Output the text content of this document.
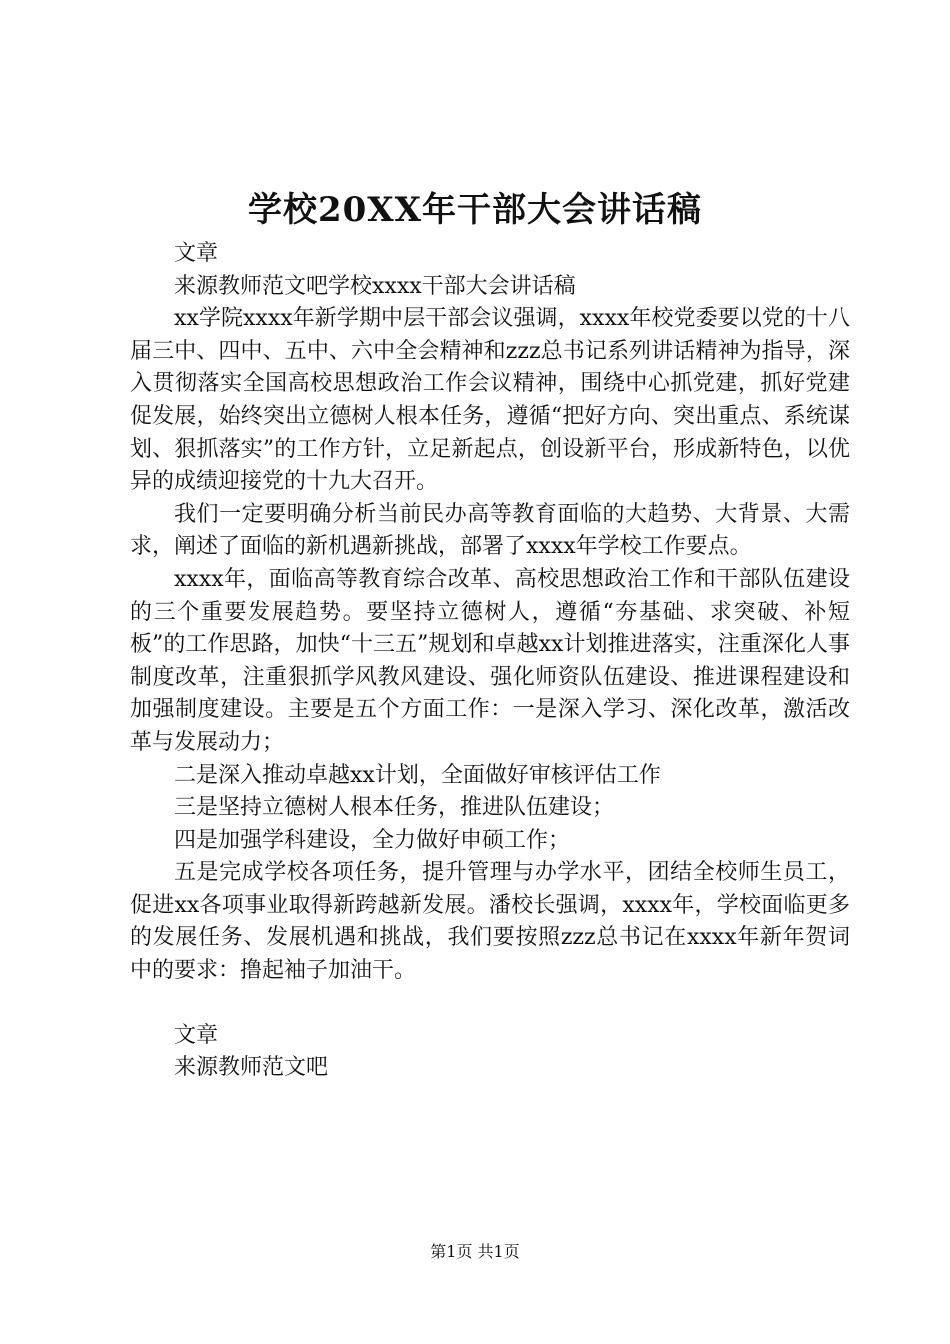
学校20XX年干部大会讲话稿

文章

来源教师范文吧学校xxxx干部大会讲话稿

xx学院xxxx年新学期中层干部会议强调，xxxx年校党委要以党的十八届三中、四中、五中、六中全会精神和zzz总书记系列讲话精神为指导，深入贯彻落实全国高校思想政治工作会议精神，围绕中心抓党建，抓好党建促发展，始终突出立德树人根本任务，遵循“把好方向、突出重点、系统谋划、狠抓落实”的工作方针，立足新起点，创设新平台，形成新特色，以优异的成绩迎接党的十九大召开。

我们一定要明确分析当前民办高等教育面临的大趋势、大背景、大需求，阐述了面临的新机遇新挑战，部署了xxxx年学校工作要点。

xxxx年，面临高等教育综合改革、高校思想政治工作和干部队伍建设的三个重要发展趋势。要坚持立德树人，遵循“夯基础、求突破、补短板”的工作思路，加快“十三五”规划和卓越xx计划推进落实，注重深化人事制度改革，注重狠抓学风教风建设、强化师资队伍建设、推进课程建设和加强制度建设。主要是五个方面工作：一是深入学习、深化改革，激活改革与发展动力；

二是深入推动卓越xx计划，全面做好审核评估工作

三是坚持立德树人根本任务，推进队伍建设；

四是加强学科建设，全力做好申硕工作；

五是完成学校各项任务，提升管理与办学水平，团结全校师生员工，促进xx各项事业取得新跨越新发展。潘校长强调，xxxx年，学校面临更多的发展任务、发展机遇和挑战，我们要按照zzz总书记在xxxx年新年贺词中的要求：撸起袖子加油干。

文章

来源教师范文吧

第1页 共1页
